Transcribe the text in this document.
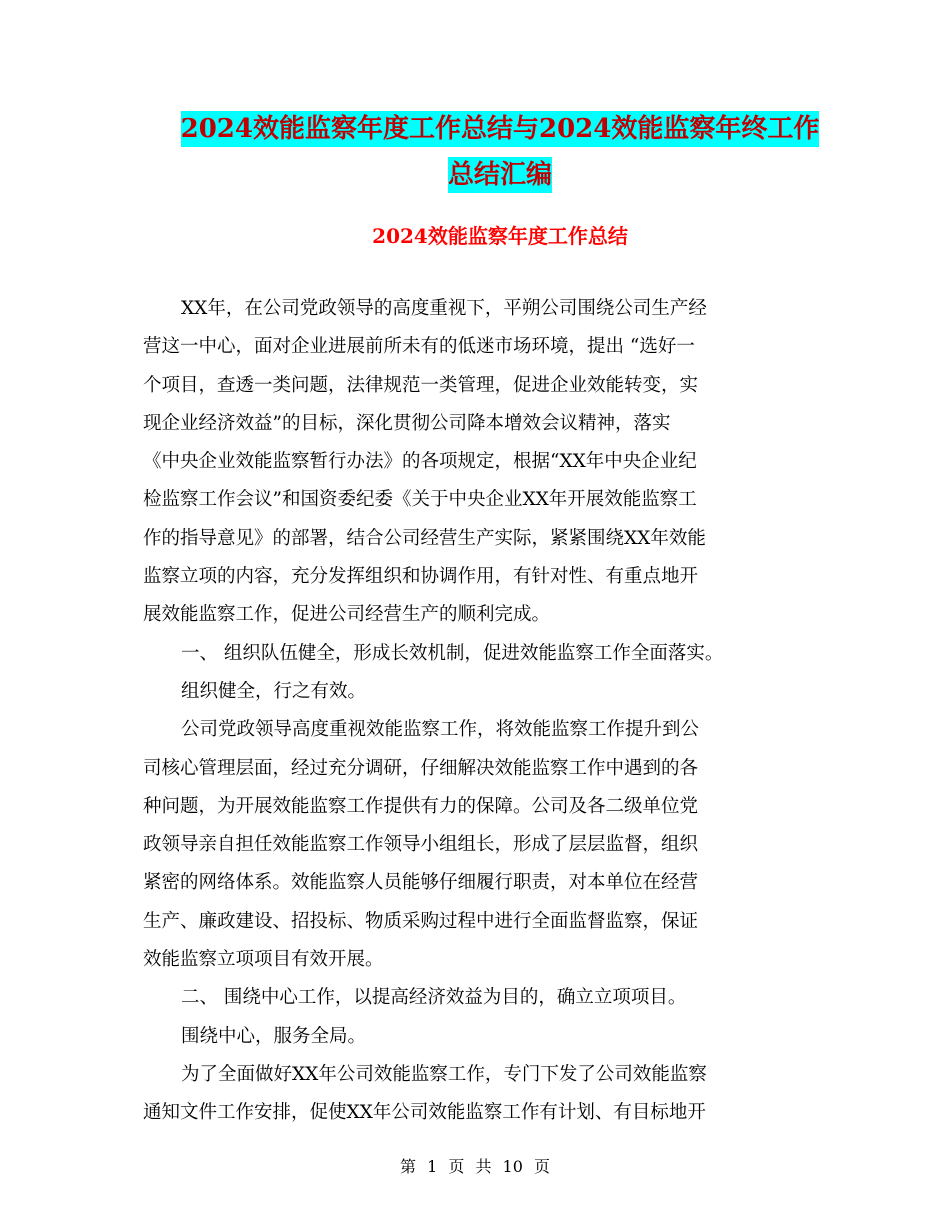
2024效能监察年度工作总结与2024效能监察年终工作
总结汇编
2024效能监察年度工作总结
XX年，在公司党政领导的高度重视下，平朔公司围绕公司生产经
营这一中心，面对企业进展前所未有的低迷市场环境，提出 “选好一
个项目，查透一类问题，法律规范一类管理，促进企业效能转变，实
现企业经济效益”的目标，深化贯彻公司降本增效会议精神，落实
《中央企业效能监察暂行办法》的各项规定，根据“XX年中央企业纪
检监察工作会议”和国资委纪委《关于中央企业XX年开展效能监察工
作的指导意见》的部署，结合公司经营生产实际，紧紧围绕XX年效能
监察立项的内容，充分发挥组织和协调作用，有针对性、有重点地开
展效能监察工作，促进公司经营生产的顺利完成。
一、 组织队伍健全，形成长效机制，促进效能监察工作全面落实。
组织健全，行之有效。
公司党政领导高度重视效能监察工作，将效能监察工作提升到公
司核心管理层面，经过充分调研，仔细解决效能监察工作中遇到的各
种问题，为开展效能监察工作提供有力的保障。公司及各二级单位党
政领导亲自担任效能监察工作领导小组组长，形成了层层监督，组织
紧密的网络体系。效能监察人员能够仔细履行职责，对本单位在经营
生产、廉政建设、招投标、物质采购过程中进行全面监督监察，保证
效能监察立项项目有效开展。
二、 围绕中心工作，以提高经济效益为目的，确立立项项目。
围绕中心，服务全局。
为了全面做好XX年公司效能监察工作，专门下发了公司效能监察
通知文件工作安排，促使XX年公司效能监察工作有计划、有目标地开
第 1 页 共 10 页
